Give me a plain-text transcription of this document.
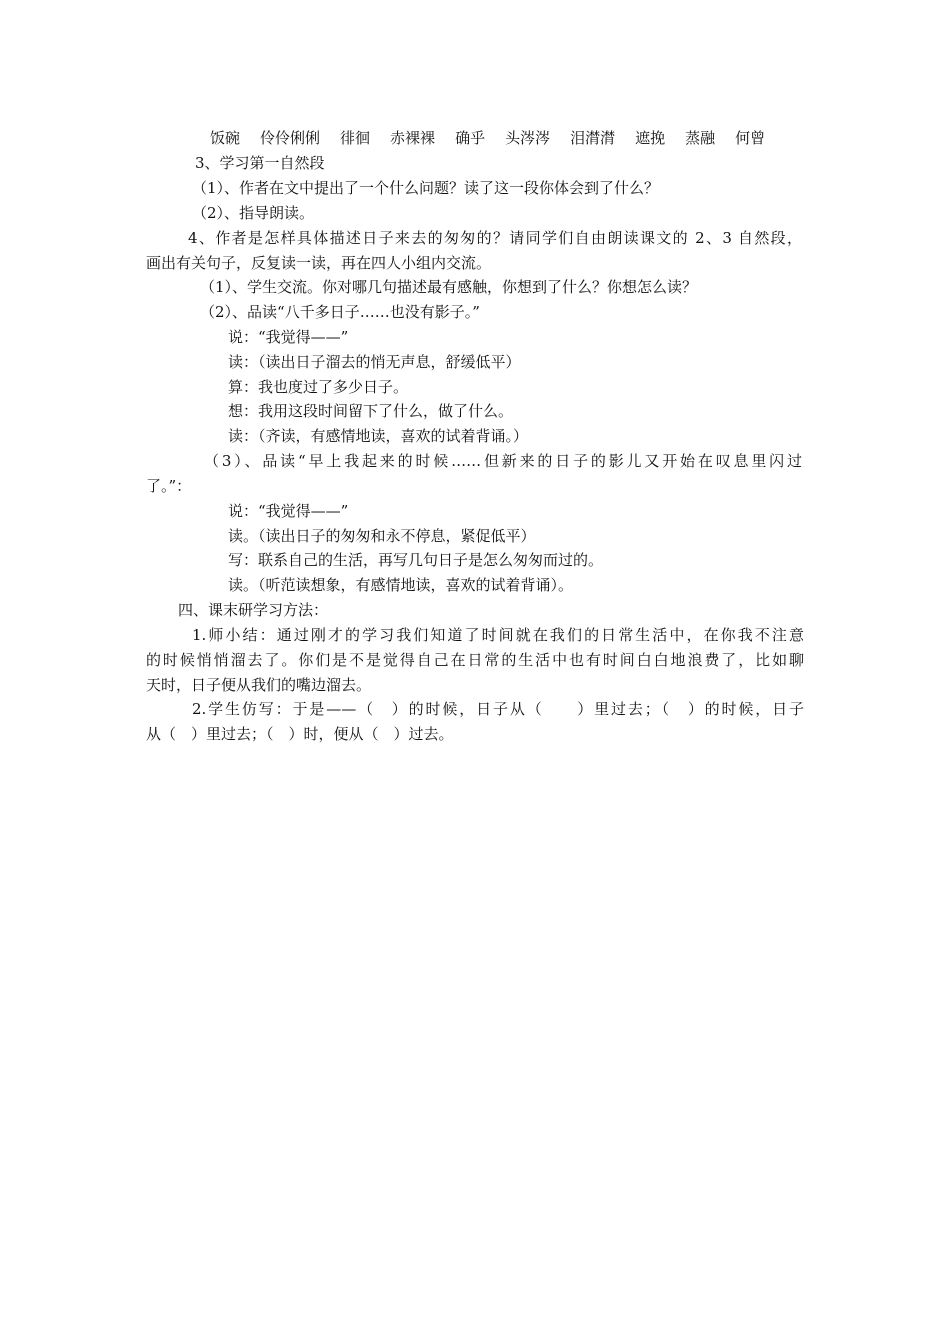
饭碗 伶伶俐俐 徘徊 赤裸裸 确乎 头涔涔 泪潸潸 遮挽 蒸融 何曾
3、学习第一自然段
（1）、作者在文中提出了一个什么问题？读了这一段你体会到了什么？
（2）、指导朗读。
4、作者是怎样具体描述日子来去的匆匆的？请同学们自由朗读课文的 2、3 自然段，
画出有关句子，反复读一读，再在四人小组内交流。
（1）、学生交流。你对哪几句描述最有感触，你想到了什么？你想怎么读？
（2）、品读“八千多日子……也没有影子。”
说：“我觉得——”
读：（读出日子溜去的悄无声息，舒缓低平）
算：我也度过了多少日子。
想：我用这段时间留下了什么，做了什么。
读：（齐读，有感情地读，喜欢的试着背诵。）
（3）、品读“早上我起来的时候……但新来的日子的影儿又开始在叹息里闪过
了。”：
说：“我觉得——”
读。（读出日子的匆匆和永不停息，紧促低平）
写：联系自己的生活，再写几句日子是怎么匆匆而过的。
读。（听范读想象，有感情地读，喜欢的试着背诵）。
四、课末研学习方法：
1.师小结：通过刚才的学习我们知道了时间就在我们的日常生活中，在你我不注意
的时候悄悄溜去了。你们是不是觉得自己在日常的生活中也有时间白白地浪费了，比如聊
天时，日子便从我们的嘴边溜去。
2.学生仿写：于是——（　）的时候，日子从（　　）里过去；（　）的时候，日子
从（　）里过去；（　）时，便从（　）过去。
